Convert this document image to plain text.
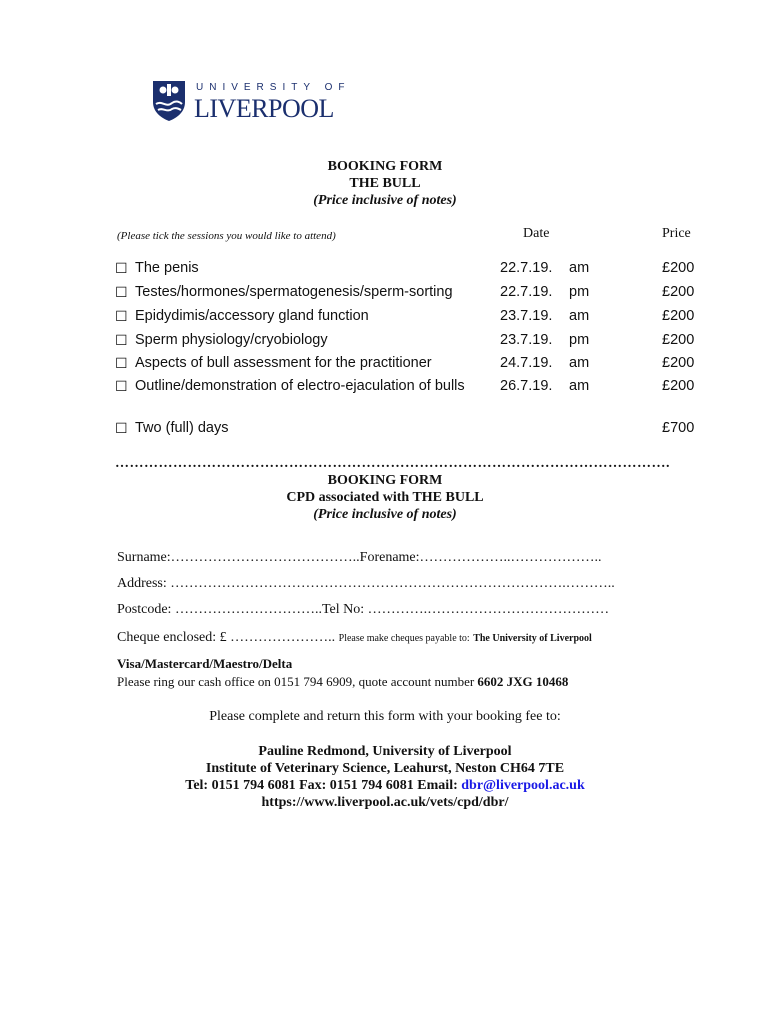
UNIVERSITY OF
LIVERPOOL
BOOKING FORM
THE BULL
(Price inclusive of notes)
(Please tick the sessions you would like to attend)	Date	Price
☐ The penis	22.7.19. am	£200
☐ Testes/hormones/spermatogenesis/sperm-sorting	22.7.19. pm	£200
☐ Epidydimis/accessory gland function	23.7.19. am	£200
☐ Sperm physiology/cryobiology	23.7.19. pm	£200
☐ Aspects of bull assessment for the practitioner	24.7.19. am	£200
☐ Outline/demonstration of electro-ejaculation of bulls 26.7.19. am	£200
☐ Two (full) days	£700
…………………………………………………………………………………………………….
BOOKING FORM
CPD associated with THE BULL
(Price inclusive of notes)
Surname:…………………………………..Forename:………………..………………..
Address: ………………………………………………………………………….………..
Postcode: …………………………..Tel No: ………….…………………………………
Cheque enclosed: £ ………………….. Please make cheques payable to: The University of Liverpool
Visa/Mastercard/Maestro/Delta
Please ring our cash office on 0151 794 6909, quote account number 6602 JXG 10468
Please complete and return this form with your booking fee to:
Pauline Redmond, University of Liverpool
Institute of Veterinary Science, Leahurst, Neston CH64 7TE
Tel: 0151 794 6081 Fax: 0151 794 6081 Email: dbr@liverpool.ac.uk
https://www.liverpool.ac.uk/vets/cpd/dbr/
